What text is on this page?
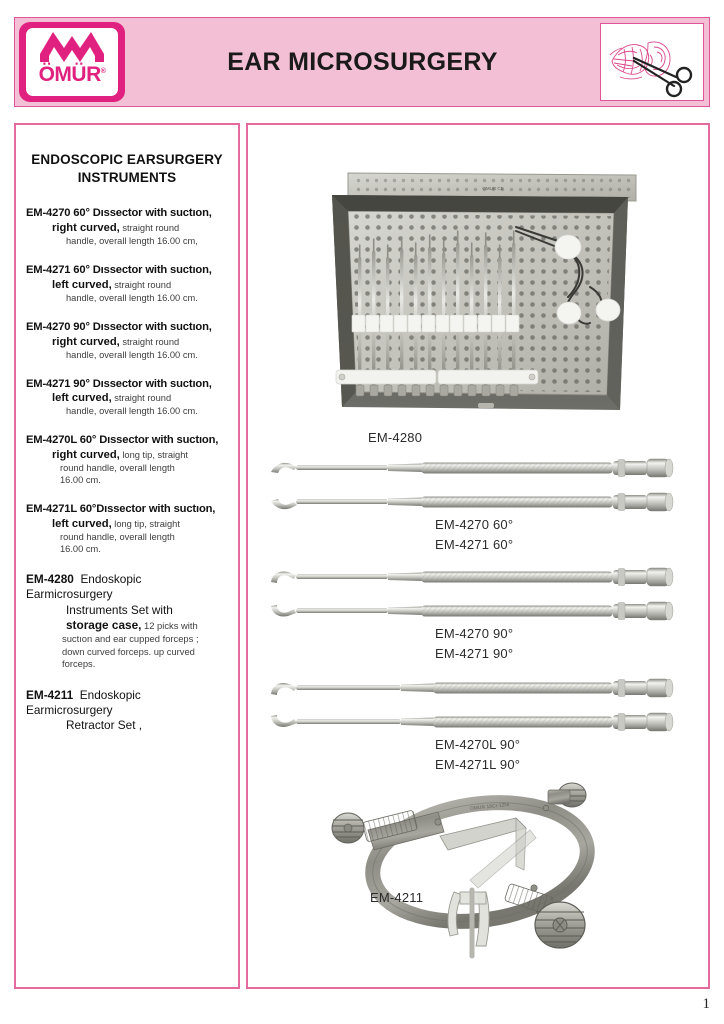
ÖMÜR®	EAR MICROSURGERY
ENDOSCOPIC EARSURGERY
INSTRUMENTS

EM-4270 60° Dıssector with suctıon,

right curved, straight round

handle, overall length 16.00 cm,

EM-4271 60° Dıssector with suctıon,

left curved, straight round

handle, overall length 16.00 cm.

EM-4270 90° Dıssector with suctıon,

right curved, straight round

handle, overall length 16.00 cm.

EM-4271 90° Dıssector with suctıon,

left curved, straight round

handle, overall length 16.00 cm.

EM-4270L 60° Dıssector with suctıon,

right curved, long tip, straight

round handle, overall length

16.00 cm.

EM-4271L 60°Dıssector with suctıon,

left curved, long tip, straight

round handle, overall length

16.00 cm.

EM-4280 Endoskopic Earmicrosurgery

Instruments Set with

storage case, 12 picks with

suctıon and ear cupped forceps ;

down curved forceps. up curved

forceps.

EM-4211 Endoskopic Earmicrosurgery

Retractor Set ,

OMUR CE
EM-4280
EM-4270 60°
EM-4271 60°
EM-4270 90°
EM-4271 90°
EM-4270L 90°
EM-4271L 90°
OMUR 18Cr-12Ni
EM-4211
1
